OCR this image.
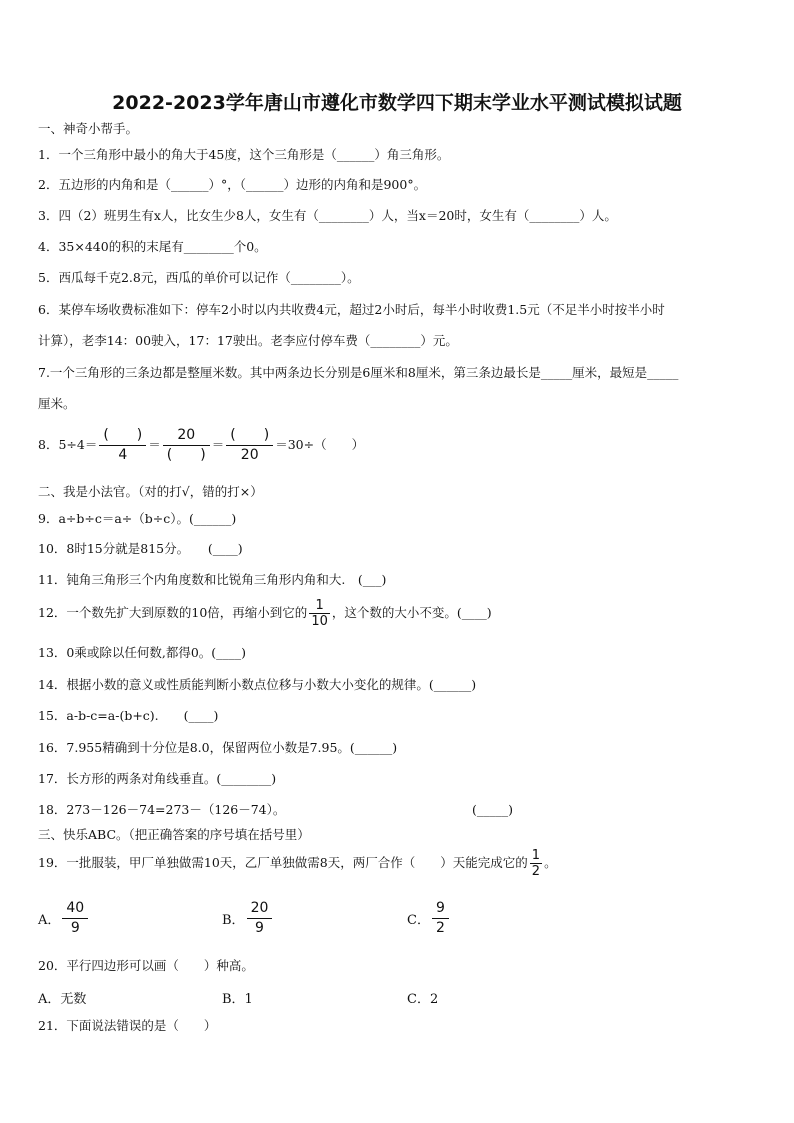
2022-2023学年唐山市遵化市数学四下期末学业水平测试模拟试题
一、神奇小帮手。
1．一个三角形中最小的角大于45度，这个三角形是（______）角三角形。
2．五边形的内角和是（______）°，（______）边形的内角和是900°。
3．四（2）班男生有x人，比女生少8人，女生有（________）人，当x＝20时，女生有（________）人。
4．35×440的积的末尾有________个0。
5．西瓜每千克2.8元，西瓜的单价可以记作（________）。
6．某停车场收费标准如下：停车2小时以内共收费4元，超过2小时后，每半小时收费1.5元（不足半小时按半小时
计算），老李14：00驶入，17：17驶出。老李应付停车费（________）元。
7.一个三角形的三条边都是整厘米数。其中两条边长分别是6厘米和8厘米，第三条边最长是_____厘米，最短是_____
厘米。
8．$5\div 4= \frac{( )}{4} = \frac{20}{( )} = \frac{( )}{20} =30\div$（　　）
二、我是小法官。（对的打√，错的打×）
9．a÷b÷c＝a÷（b÷c）。(______)
10．8时15分就是815分。　　(____)
11．钝角三角形三个内角度数和比锐角三角形内角和大.　(___)
12．一个数先扩大到原数的10倍，再缩小到它的 $\frac{1}{10}$ ，这个数的大小不变。(____)
13．0乘或除以任何数,都得0。(____)
14．根据小数的意义或性质能判断小数点位移与小数大小变化的规律。(______)
15．a-b-c=a-(b+c).　　(____)
16．7.955精确到十分位是8.0，保留两位小数是7.95。(______)
17．长方形的两条对角线垂直。(________)
18．273－126－74=273－（126－74）。	(_____)
三、快乐ABC。（把正确答案的序号填在括号里）
19．一批服装，甲厂单独做需10天，乙厂单独做需8天，两厂合作（　　）天能完成它的 $\frac{1}{2}$ 。
A． $\frac{40}{9}$	B． $\frac{20}{9}$	C． $\frac{9}{2}$
20．平行四边形可以画（　　）种高。
A．无数	B．1	C．2
21．下面说法错误的是（　　）
